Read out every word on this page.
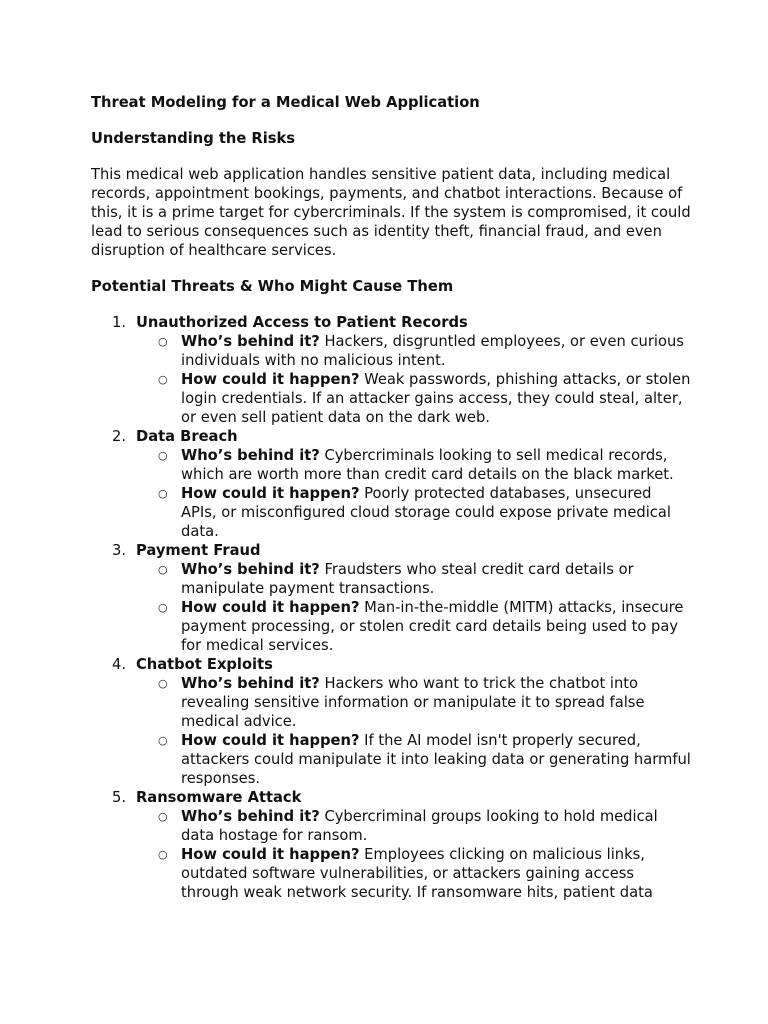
Threat Modeling for a Medical Web Application
Understanding the Risks
This medical web application handles sensitive patient data, including medical records, appointment bookings, payments, and chatbot interactions. Because of this, it is a prime target for cybercriminals. If the system is compromised, it could lead to serious consequences such as identity theft, financial fraud, and even disruption of healthcare services.
Potential Threats & Who Might Cause Them
1. Unauthorized Access to Patient Records
○ Who’s behind it? Hackers, disgruntled employees, or even curious individuals with no malicious intent.
○ How could it happen? Weak passwords, phishing attacks, or stolen login credentials. If an attacker gains access, they could steal, alter, or even sell patient data on the dark web.
2. Data Breach
○ Who’s behind it? Cybercriminals looking to sell medical records, which are worth more than credit card details on the black market.
○ How could it happen? Poorly protected databases, unsecured APIs, or misconfigured cloud storage could expose private medical data.
3. Payment Fraud
○ Who’s behind it? Fraudsters who steal credit card details or manipulate payment transactions.
○ How could it happen? Man-in-the-middle (MITM) attacks, insecure payment processing, or stolen credit card details being used to pay for medical services.
4. Chatbot Exploits
○ Who’s behind it? Hackers who want to trick the chatbot into revealing sensitive information or manipulate it to spread false medical advice.
○ How could it happen? If the AI model isn't properly secured, attackers could manipulate it into leaking data or generating harmful responses.
5. Ransomware Attack
○ Who’s behind it? Cybercriminal groups looking to hold medical data hostage for ransom.
○ How could it happen? Employees clicking on malicious links, outdated software vulnerabilities, or attackers gaining access through weak network security. If ransomware hits, patient data
